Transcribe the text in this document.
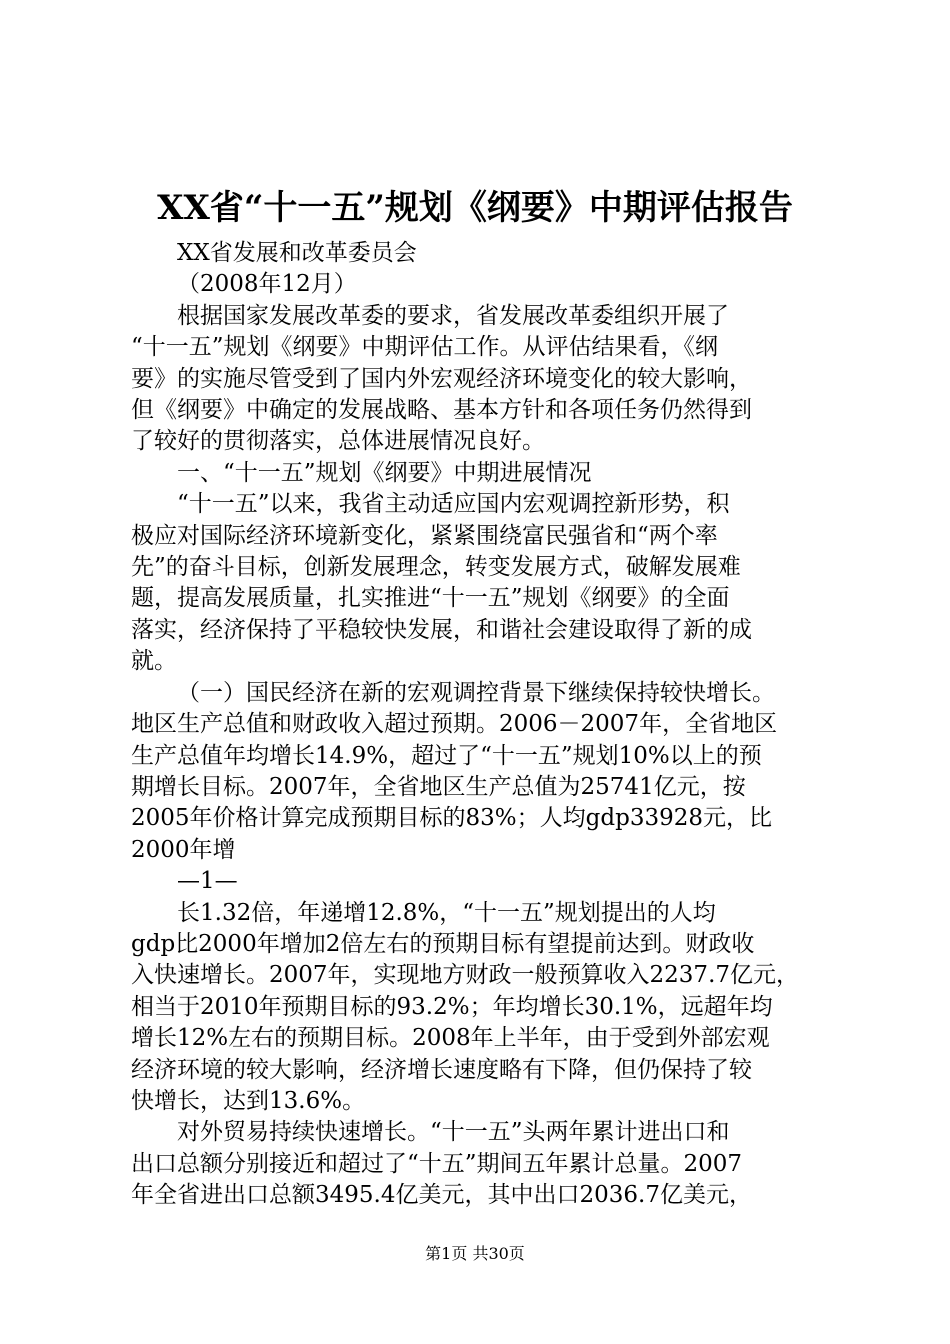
XX省“十一五”规划《纲要》中期评估报告

XX省发展和改革委员会

（2008年12月）

根据国家发展改革委的要求，省发展改革委组织开展了
“十一五”规划《纲要》中期评估工作。从评估结果看，《纲
要》的实施尽管受到了国内外宏观经济环境变化的较大影响，
但《纲要》中确定的发展战略、基本方针和各项任务仍然得到
了较好的贯彻落实，总体进展情况良好。
一、“十一五”规划《纲要》中期进展情况
“十一五”以来，我省主动适应国内宏观调控新形势，积
极应对国际经济环境新变化，紧紧围绕富民强省和“两个率
先”的奋斗目标，创新发展理念，转变发展方式，破解发展难
题，提高发展质量，扎实推进“十一五”规划《纲要》的全面
落实，经济保持了平稳较快发展，和谐社会建设取得了新的成
就。
（一）国民经济在新的宏观调控背景下继续保持较快增长。
地区生产总值和财政收入超过预期。2006－2007年，全省地区
生产总值年均增长14.9%，超过了“十一五”规划10%以上的预
期增长目标。2007年，全省地区生产总值为25741亿元，按
2005年价格计算完成预期目标的83%；人均gdp33928元，比
2000年增
—1—
长1.32倍，年递增12.8%，“十一五”规划提出的人均
gdp比2000年增加2倍左右的预期目标有望提前达到。财政收
入快速增长。2007年，实现地方财政一般预算收入2237.7亿元，
相当于2010年预期目标的93.2%；年均增长30.1%，远超年均
增长12%左右的预期目标。2008年上半年，由于受到外部宏观
经济环境的较大影响，经济增长速度略有下降，但仍保持了较
快增长，达到13.6%。
对外贸易持续快速增长。“十一五”头两年累计进出口和
出口总额分别接近和超过了“十五”期间五年累计总量。2007
年全省进出口总额3495.4亿美元，其中出口2036.7亿美元，
第1页 共30页
